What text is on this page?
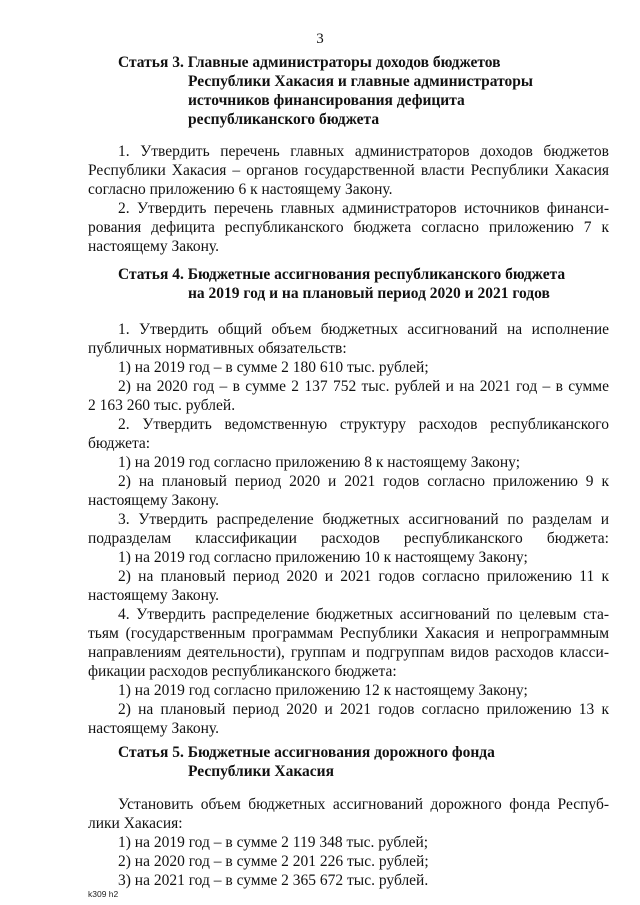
3
Статья 3. Главные администраторы доходов бюджетов
Республики Хакасия и главные администраторы
источников финансирования дефицита
республиканского бюджета
1. Утвердить перечень главных администраторов доходов бюджетов
Республики Хакасия – органов государственной власти Республики Хакасия
согласно приложению 6 к настоящему Закону.
2. Утвердить перечень главных администраторов источников финанси-
рования дефицита республиканского бюджета согласно приложению 7 к
настоящему Закону.
Статья 4. Бюджетные ассигнования республиканского бюджета
на 2019 год и на плановый период 2020 и 2021 годов
1. Утвердить общий объем бюджетных ассигнований на исполнение
публичных нормативных обязательств:
1) на 2019 год – в сумме 2 180 610 тыс. рублей;
2) на 2020 год – в сумме 2 137 752 тыс. рублей и на 2021 год – в сумме
2 163 260 тыс. рублей.
2. Утвердить ведомственную структуру расходов республиканского
бюджета:
1) на 2019 год согласно приложению 8 к настоящему Закону;
2) на плановый период 2020 и 2021 годов согласно приложению 9 к
настоящему Закону.
3. Утвердить распределение бюджетных ассигнований по разделам и
подразделам классификации расходов республиканского бюджета:
1) на 2019 год согласно приложению 10 к настоящему Закону;
2) на плановый период 2020 и 2021 годов согласно приложению 11 к
настоящему Закону.
4. Утвердить распределение бюджетных ассигнований по целевым ста-
тьям (государственным программам Республики Хакасия и непрограммным
направлениям деятельности), группам и подгруппам видов расходов класси-
фикации расходов республиканского бюджета:
1) на 2019 год согласно приложению 12 к настоящему Закону;
2) на плановый период 2020 и 2021 годов согласно приложению 13 к
настоящему Закону.
Статья 5. Бюджетные ассигнования дорожного фонда
Республики Хакасия
Установить объем бюджетных ассигнований дорожного фонда Респуб-
лики Хакасия:
1) на 2019 год – в сумме 2 119 348 тыс. рублей;
2) на 2020 год – в сумме 2 201 226 тыс. рублей;
3) на 2021 год – в сумме 2 365 672 тыс. рублей.
k309 h2
